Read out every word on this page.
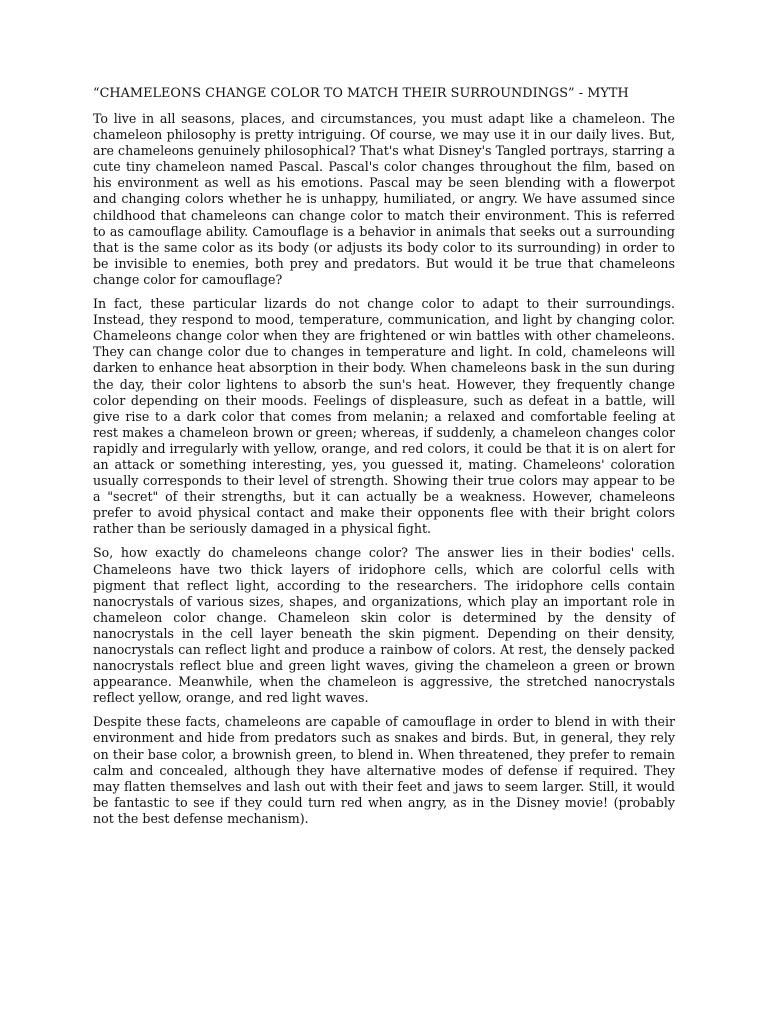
“CHAMELEONS CHANGE COLOR TO MATCH THEIR SURROUNDINGS” - MYTH

To live in all seasons, places, and circumstances, you must adapt like a chameleon. The chameleon philosophy is pretty intriguing. Of course, we may use it in our daily lives. But, are chameleons genuinely philosophical? That's what Disney's Tangled portrays, starring a cute tiny chameleon named Pascal. Pascal's color changes throughout the film, based on his environment as well as his emotions. Pascal may be seen blending with a flowerpot and changing colors whether he is unhappy, humiliated, or angry. We have assumed since childhood that chameleons can change color to match their environment. This is referred to as camouflage ability. Camouflage is a behavior in animals that seeks out a surrounding that is the same color as its body (or adjusts its body color to its surrounding) in order to be invisible to enemies, both prey and predators. But would it be true that chameleons change color for camouflage?

In fact, these particular lizards do not change color to adapt to their surroundings. Instead, they respond to mood, temperature, communication, and light by changing color. Chameleons change color when they are frightened or win battles with other chameleons. They can change color due to changes in temperature and light. In cold, chameleons will darken to enhance heat absorption in their body. When chameleons bask in the sun during the day, their color lightens to absorb the sun's heat. However, they frequently change color depending on their moods. Feelings of displeasure, such as defeat in a battle, will give rise to a dark color that comes from melanin; a relaxed and comfortable feeling at rest makes a chameleon brown or green; whereas, if suddenly, a chameleon changes color rapidly and irregularly with yellow, orange, and red colors, it could be that it is on alert for an attack or something interesting, yes, you guessed it, mating. Chameleons' coloration usually corresponds to their level of strength. Showing their true colors may appear to be a "secret" of their strengths, but it can actually be a weakness. However, chameleons prefer to avoid physical contact and make their opponents flee with their bright colors rather than be seriously damaged in a physical fight.

So, how exactly do chameleons change color? The answer lies in their bodies' cells. Chameleons have two thick layers of iridophore cells, which are colorful cells with pigment that reflect light, according to the researchers. The iridophore cells contain nanocrystals of various sizes, shapes, and organizations, which play an important role in chameleon color change. Chameleon skin color is determined by the density of nanocrystals in the cell layer beneath the skin pigment. Depending on their density, nanocrystals can reflect light and produce a rainbow of colors. At rest, the densely packed nanocrystals reflect blue and green light waves, giving the chameleon a green or brown appearance. Meanwhile, when the chameleon is aggressive, the stretched nanocrystals reflect yellow, orange, and red light waves.

Despite these facts, chameleons are capable of camouflage in order to blend in with their environment and hide from predators such as snakes and birds. But, in general, they rely on their base color, a brownish green, to blend in. When threatened, they prefer to remain calm and concealed, although they have alternative modes of defense if required. They may flatten themselves and lash out with their feet and jaws to seem larger. Still, it would be fantastic to see if they could turn red when angry, as in the Disney movie! (probably not the best defense mechanism).
